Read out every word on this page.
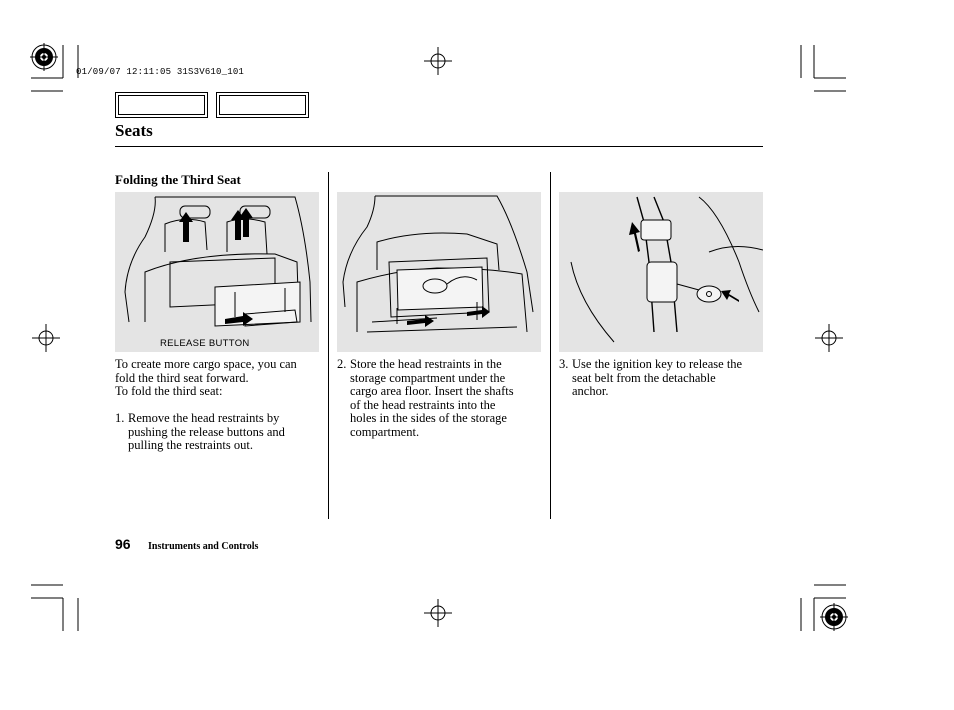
01/09/07 12:11:05 31S3V610_101
Seats
Folding the Third Seat
RELEASE BUTTON
To create more cargo space, you can
fold the third seat forward.
To fold the third seat:
1. Remove the head restraints by
pushing the release buttons and
pulling the restraints out.
2. Store the head restraints in the
storage compartment under the
cargo area floor. Insert the shafts
of the head restraints into the
holes in the sides of the storage
compartment.
3. Use the ignition key to release the
seat belt from the detachable
anchor.
96 Instruments and Controls
